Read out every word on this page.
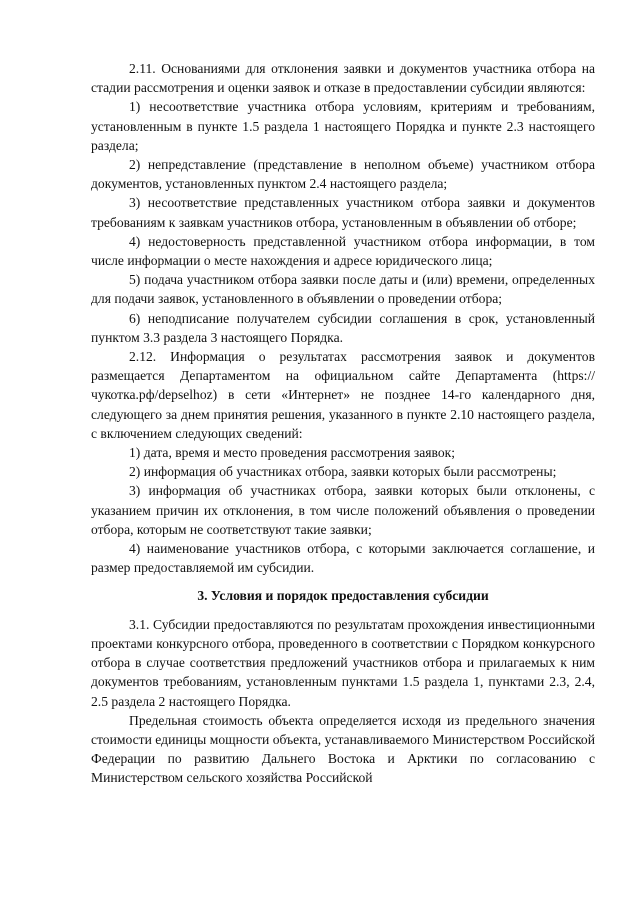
2.11. Основаниями для отклонения заявки и документов участника отбора на стадии рассмотрения и оценки заявок и отказе в предоставлении субсидии являются:

1) несоответствие участника отбора условиям, критериям и требованиям, установленным в пункте 1.5 раздела 1 настоящего Порядка и пункте 2.3 настоящего раздела;

2) непредставление (представление в неполном объеме) участником отбора документов, установленных пунктом 2.4 настоящего раздела;

3) несоответствие представленных участником отбора заявки и документов требованиям к заявкам участников отбора, установленным в объявлении об отборе;

4) недостоверность представленной участником отбора информации, в том числе информации о месте нахождения и адресе юридического лица;

5) подача участником отбора заявки после даты и (или) времени, определенных для подачи заявок, установленного в объявлении о проведении отбора;

6) неподписание получателем субсидии соглашения в срок, установленный пунктом 3.3 раздела 3 настоящего Порядка.

2.12. Информация о результатах рассмотрения заявок и документов размещается Департаментом на официальном сайте Департамента (https://чукотка.рф/depselhoz) в сети «Интернет» не позднее 14-го календарного дня, следующего за днем принятия решения, указанного в пункте 2.10 настоящего раздела, с включением следующих сведений:

1) дата, время и место проведения рассмотрения заявок;

2) информация об участниках отбора, заявки которых были рассмотрены;

3) информация об участниках отбора, заявки которых были отклонены, с указанием причин их отклонения, в том числе положений объявления о проведении отбора, которым не соответствуют такие заявки;

4) наименование участников отбора, с которыми заключается соглашение, и размер предоставляемой им субсидии.

3. Условия и порядок предоставления субсидии

3.1. Субсидии предоставляются по результатам прохождения инвестиционными проектами конкурсного отбора, проведенного в соответствии с Порядком конкурсного отбора в случае соответствия предложений участников отбора и прилагаемых к ним документов требованиям, установленным пунктами 1.5 раздела 1, пунктами 2.3, 2.4, 2.5 раздела 2 настоящего Порядка.

Предельная стоимость объекта определяется исходя из предельного значения стоимости единицы мощности объекта, устанавливаемого Министерством Российской Федерации по развитию Дальнего Востока и Арктики по согласованию с Министерством сельского хозяйства Российской
